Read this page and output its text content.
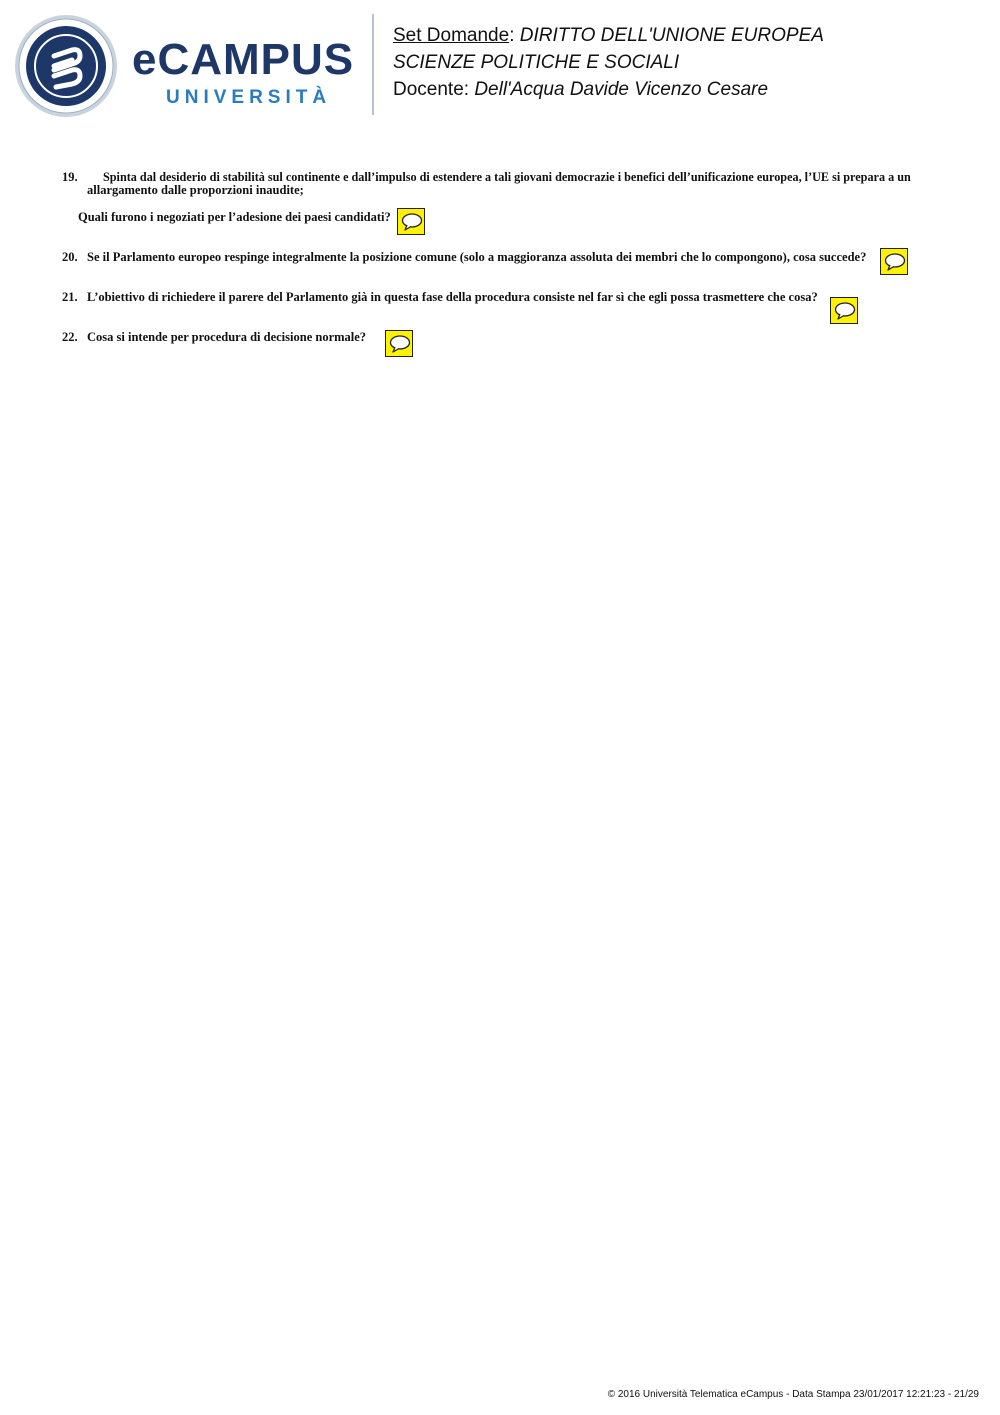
eCAMPUS
UNIVERSITÀ
Set Domande: DIRITTO DELL'UNIONE EUROPEA
SCIENZE POLITICHE E SOCIALI
Docente: Dell'Acqua Davide Vicenzo Cesare
19. Spinta dal desiderio di stabilità sul continente e dall’impulso di estendere a tali giovani democrazie i benefici dell’unificazione europea, l’UE si prepara a un
allargamento dalle proporzioni inaudite;
Quali furono i negoziati per l’adesione dei paesi candidati?
20. Se il Parlamento europeo respinge integralmente la posizione comune (solo a maggioranza assoluta dei membri che lo compongono), cosa succede?
21. L’obiettivo di richiedere il parere del Parlamento già in questa fase della procedura consiste nel far sì che egli possa trasmettere che cosa?
22. Cosa si intende per procedura di decisione normale?
© 2016 Università Telematica eCampus - Data Stampa 23/01/2017 12:21:23 - 21/29
